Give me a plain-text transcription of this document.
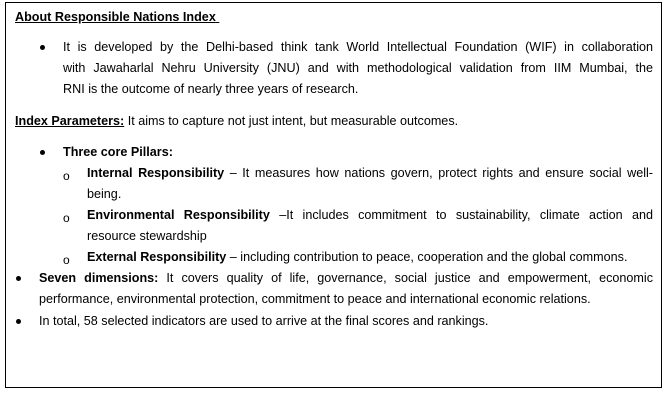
About Responsible Nations Index
It is developed by the Delhi-based think tank World Intellectual Foundation (WIF) in collaboration
with Jawaharlal Nehru University (JNU) and with methodological validation from IIM Mumbai, the
RNI is the outcome of nearly three years of research.
Index Parameters: It aims to capture not just intent, but measurable outcomes.
Three core Pillars:
o Internal Responsibility – It measures how nations govern, protect rights and ensure social well-
being.
o Environmental Responsibility –It includes commitment to sustainability, climate action and
resource stewardship
o External Responsibility – including contribution to peace, cooperation and the global commons.
Seven dimensions: It covers quality of life, governance, social justice and empowerment, economic
performance, environmental protection, commitment to peace and international economic relations.
In total, 58 selected indicators are used to arrive at the final scores and rankings.
